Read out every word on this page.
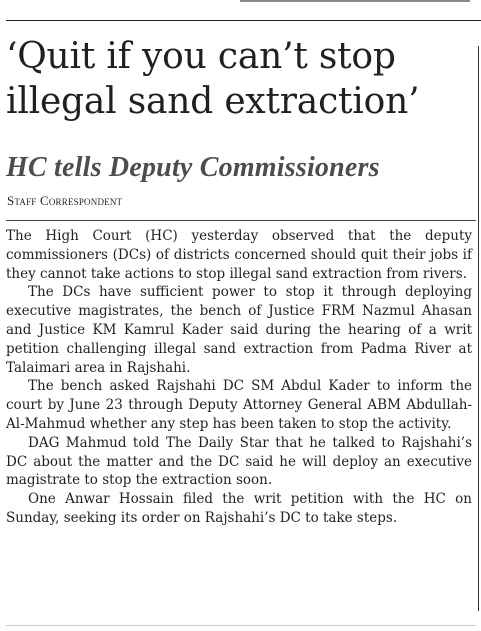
‘Quit if you can’t stop illegal sand extraction’
HC tells Deputy Commissioners
Staff Correspondent

The High Court (HC) yesterday observed that the deputy commissioners (DCs) of districts concerned should quit their jobs if they cannot take actions to stop illegal sand extraction from rivers.

The DCs have sufficient power to stop it through deploying executive magistrates, the bench of Justice FRM Nazmul Ahasan and Justice KM Kamrul Kader said during the hearing of a writ petition challenging illegal sand extraction from Padma River at Talaimari area in Rajshahi.

The bench asked Rajshahi DC SM Abdul Kader to inform the court by June 23 through Deputy Attorney General ABM Abdullah-Al-Mahmud whether any step has been taken to stop the activity.

DAG Mahmud told The Daily Star that he talked to Rajshahi’s DC about the matter and the DC said he will deploy an executive magistrate to stop the extraction soon.

One Anwar Hossain filed the writ petition with the HC on Sunday, seeking its order on Rajshahi’s DC to take steps.
